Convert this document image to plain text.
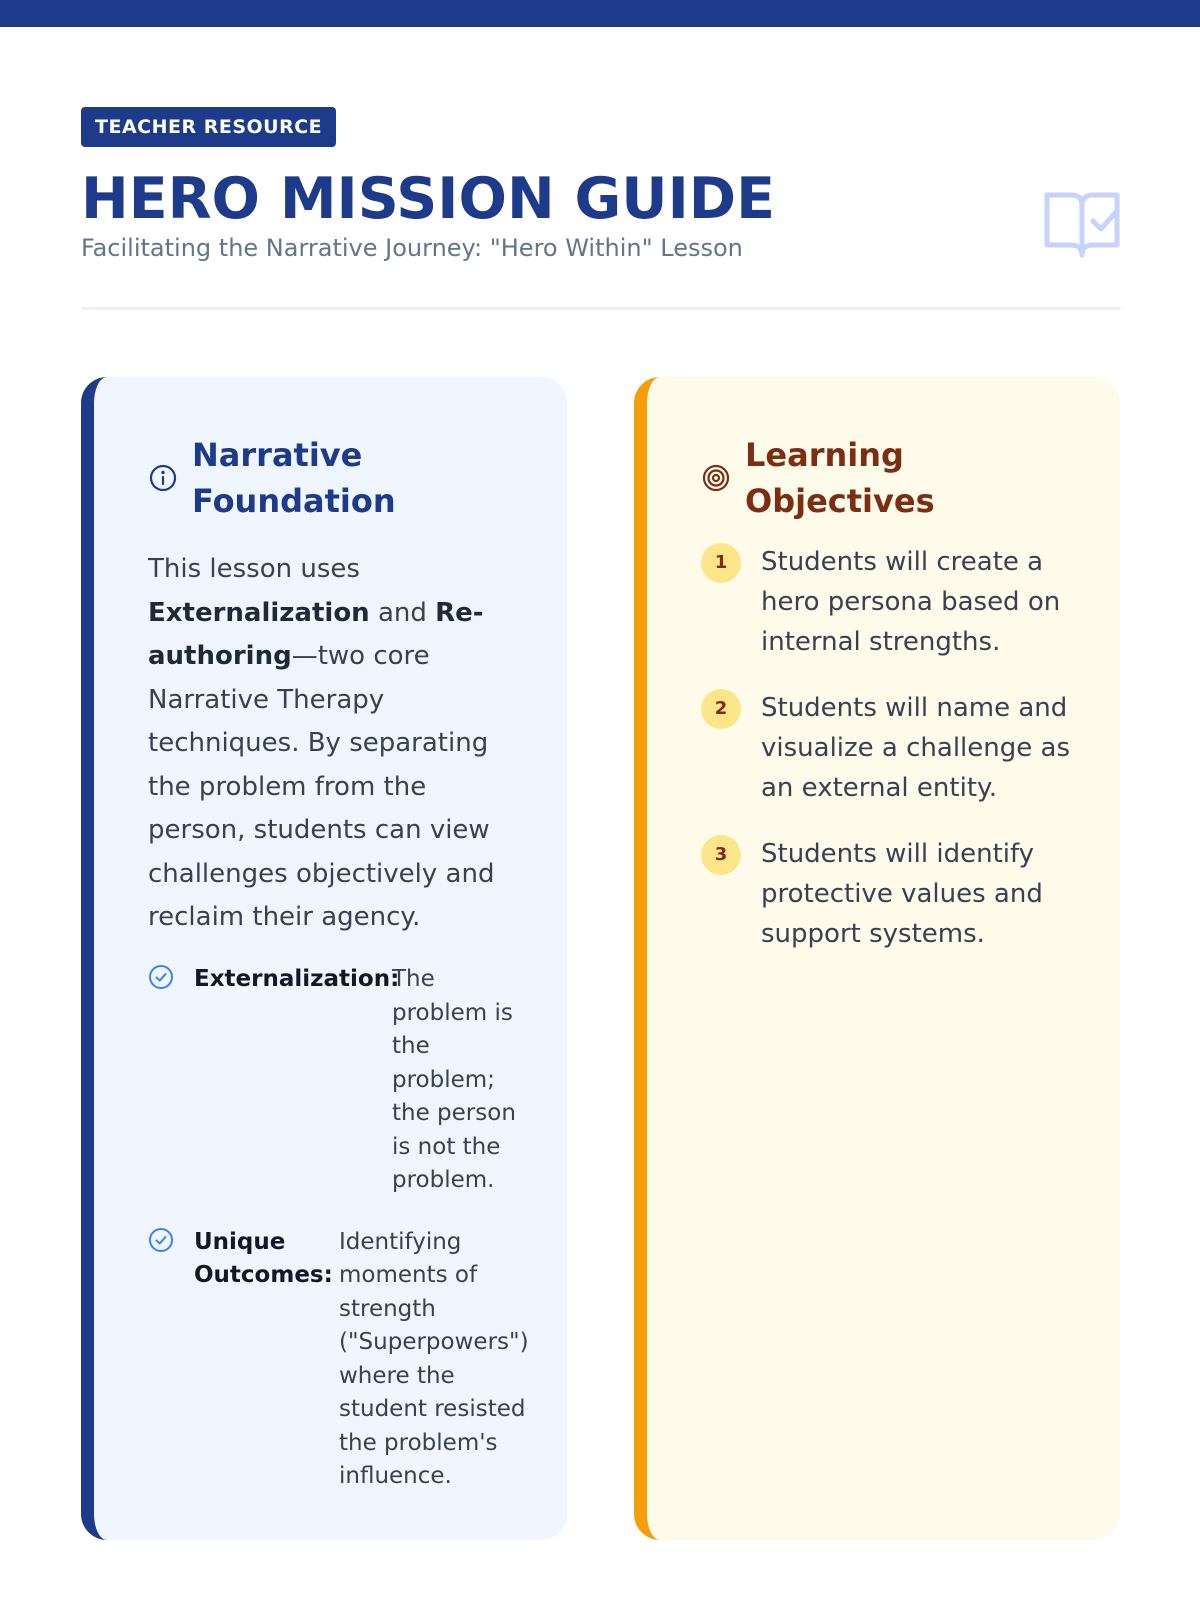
TEACHER RESOURCE
HERO MISSION GUIDE

Facilitating the Narrative Journey: "Hero Within" Lesson

Narrative Foundation

This lesson uses Externalization and Re-authoring—two core Narrative Therapy techniques. By separating the problem from the person, students can view challenges objectively and reclaim their agency.

Externalization:
The problem is the problem; the person is not the problem.
Unique Outcomes:
Identifying moments of strength ("Superpowers") where the student resisted the problem's influence.
Learning Objectives
1	Students will create a hero persona based on internal strengths.
2	Students will name and visualize a challenge as an external entity.
3	Students will identify protective values and support systems.
